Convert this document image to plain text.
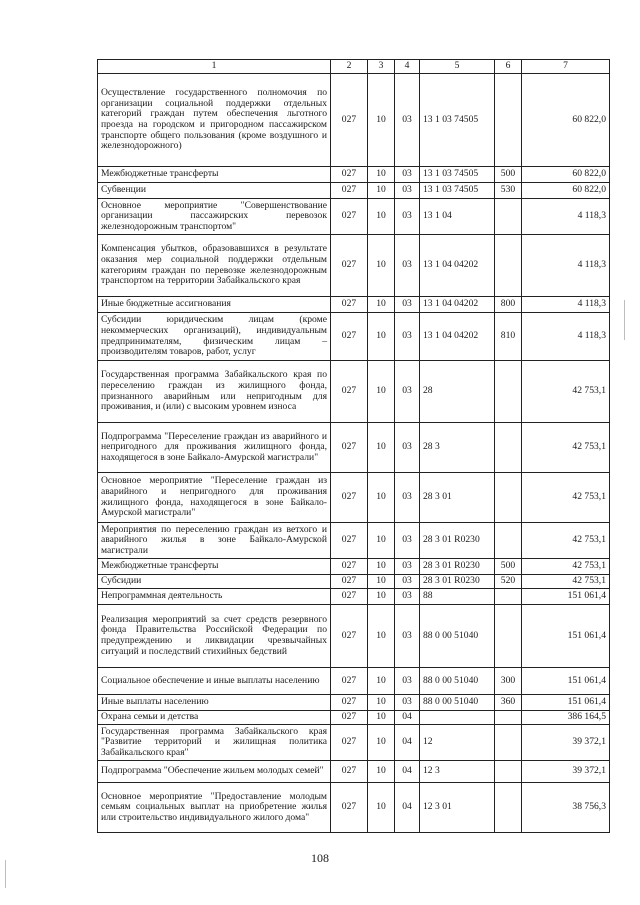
1	2	3	4	5	6	7
Осуществление государственного полномочия по организации социальной поддержки отдельных категорий граждан путем обеспечения льготного проезда на городском и пригородном пассажирском транспорте общего пользования (кроме воздушного и железнодорожного)	027	10	03	13 1 03 74505		60 822,0
Межбюджетные трансферты	027	10	03	13 1 03 74505	500	60 822,0
Субвенции	027	10	03	13 1 03 74505	530	60 822,0
Основное мероприятие "Совершенствование организации пассажирских перевозок железнодорожным транспортом"	027	10	03	13 1 04		4 118,3
Компенсация убытков, образовавшихся в результате оказания мер социальной поддержки отдельным категориям граждан по перевозке железнодорожным транспортом на территории Забайкальского края	027	10	03	13 1 04 04202		4 118,3
Иные бюджетные ассигнования	027	10	03	13 1 04 04202	800	4 118,3
Субсидии юридическим лицам (кроме некоммерческих организаций), индивидуальным предпринимателям, физическим лицам – производителям товаров, работ, услуг	027	10	03	13 1 04 04202	810	4 118,3
Государственная программа Забайкальского края по переселению граждан из жилищного фонда, признанного аварийным или непригодным для проживания, и (или) с высоким уровнем износа	027	10	03	28		42 753,1
Подпрограмма "Переселение граждан из аварийного и непригодного для проживания жилищного фонда, находящегося в зоне Байкало-Амурской магистрали"	027	10	03	28 3		42 753,1
Основное мероприятие "Переселение граждан из аварийного и непригодного для проживания жилищного фонда, находящегося в зоне Байкало-Амурской магистрали"	027	10	03	28 3 01		42 753,1
Мероприятия по переселению граждан из ветхого и аварийного жилья в зоне Байкало-Амурской магистрали	027	10	03	28 3 01 R0230		42 753,1
Межбюджетные трансферты	027	10	03	28 3 01 R0230	500	42 753,1
Субсидии	027	10	03	28 3 01 R0230	520	42 753,1
Непрограммная деятельность	027	10	03	88		151 061,4
Реализация мероприятий за счет средств резервного фонда Правительства Российской Федерации по предупреждению и ликвидации чрезвычайных ситуаций и последствий стихийных бедствий	027	10	03	88 0 00 51040		151 061,4
Социальное обеспечение и иные выплаты населению	027	10	03	88 0 00 51040	300	151 061,4
Иные выплаты населению	027	10	03	88 0 00 51040	360	151 061,4
Охрана семьи и детства	027	10	04			386 164,5
Государственная программа Забайкальского края "Развитие территорий и жилищная политика Забайкальского края"	027	10	04	12		39 372,1
Подпрограмма "Обеспечение жильем молодых семей"	027	10	04	12 3		39 372,1
Основное мероприятие "Предоставление молодым семьям социальных выплат на приобретение жилья или строительство индивидуального жилого дома"	027	10	04	12 3 01		38 756,3
108
